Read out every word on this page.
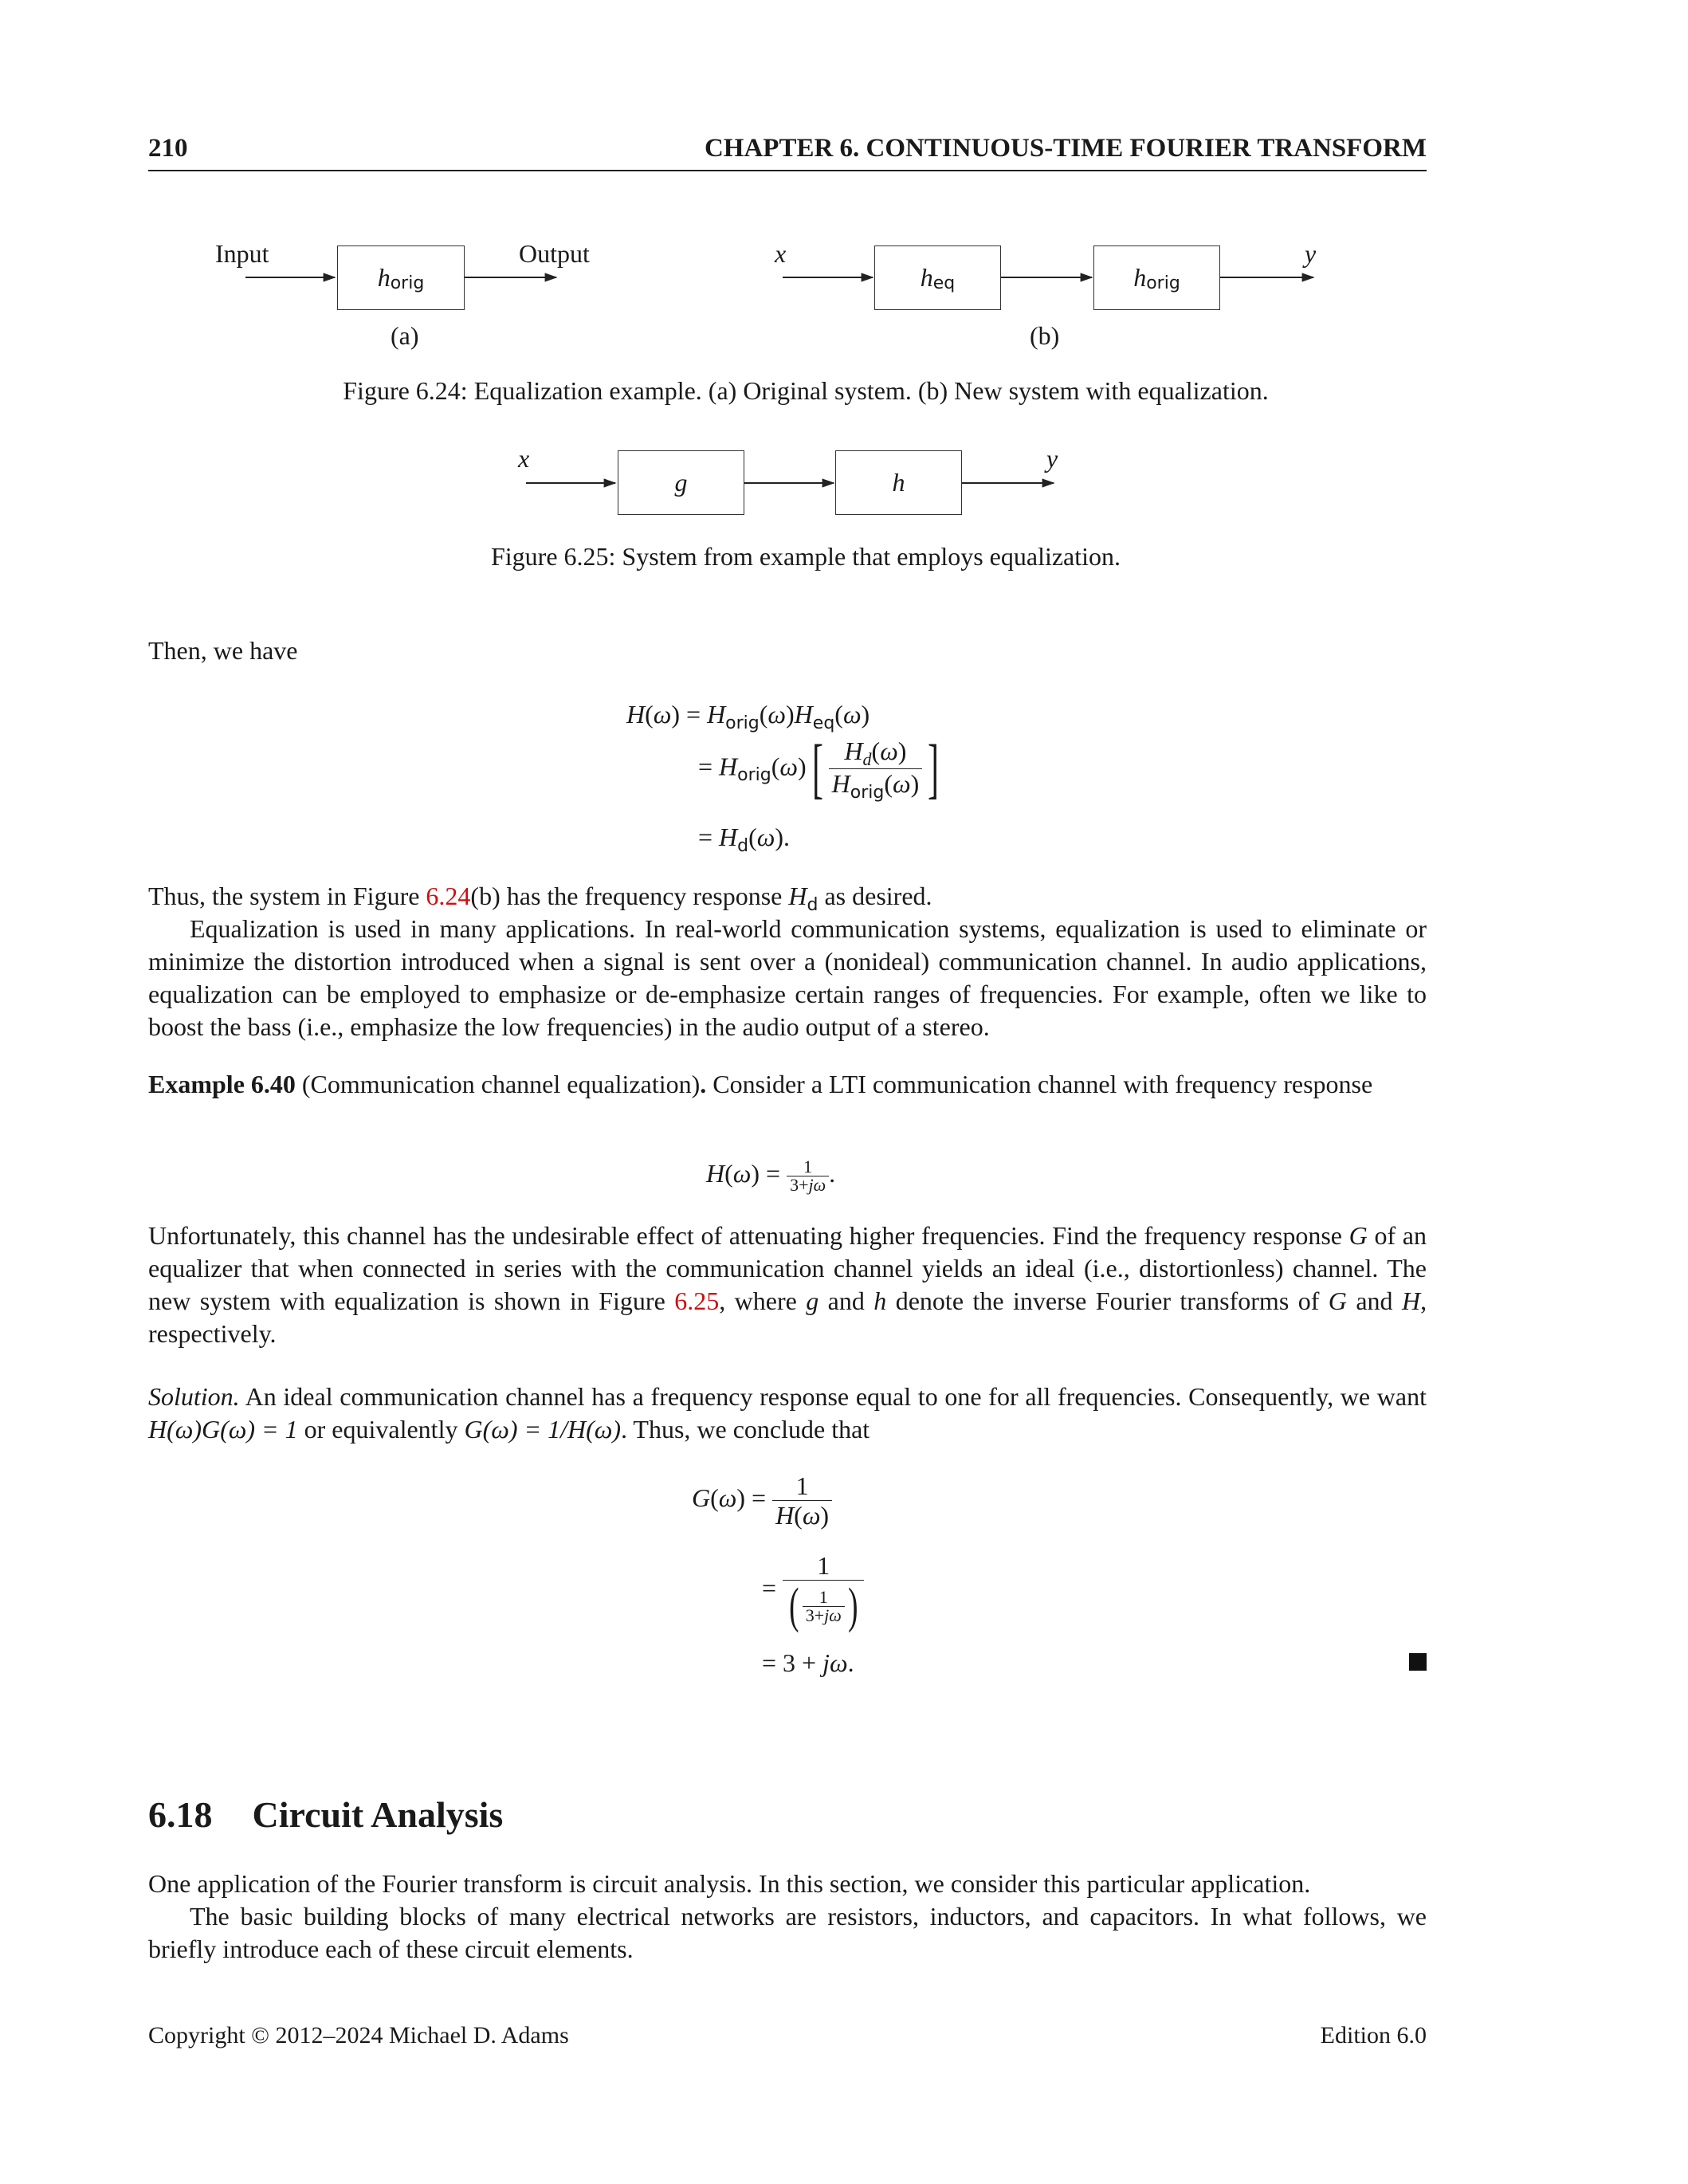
210	CHAPTER 6. CONTINUOUS-TIME FOURIER TRANSFORM
Input	Output
h orig
(a)
x	y
h eq	h orig
(b)
Figure 6.24: Equalization example. (a) Original system. (b) New system with equalization.
x	y
g	h
Figure 6.25: System from example that employs equalization.
Then, we have
$H(\omega) = H_{orig}(\omega)H_{eq}(\omega)$
= $H_{orig}(\omega)[ \frac{H_d(\omega)}{H_{orig}(\omega)}$ ]
= $H_d(\omega)$.
Thus, the system in Figure 6.24(b) has the frequency response $H_d$ as desired.
Equalization is used in many applications. In real-world communication systems, equalization is used to eliminate or minimize the distortion introduced when a signal is sent over a (nonideal) communication channel. In audio applications, equalization can be employed to emphasize or de-emphasize certain ranges of frequencies. For example, often we like to boost the bass (i.e., emphasize the low frequencies) in the audio output of a stereo.
Example 6.40 (Communication channel equalization). Consider a LTI communication channel with frequency response
$H(\omega) = \frac{1}{3+j\omega}$ .
Unfortunately, this channel has the undesirable effect of attenuating higher frequencies. Find the frequency response G of an equalizer that when connected in series with the communication channel yields an ideal (i.e., distortionless) channel. The new system with equalization is shown in Figure 6.25, where g and h denote the inverse Fourier transforms of G and H, respectively.
Solution. An ideal communication channel has a frequency response equal to one for all frequencies. Consequently, we want H(ω)G(ω) = 1 or equivalently G(ω) = 1/H(ω). Thus, we conclude that
$G(\omega) = \frac{1}{H(\omega)}$
= $\frac{1}{( \frac{1}{3+j\omega} )}$
= 3 + jω.
6.18 Circuit Analysis
One application of the Fourier transform is circuit analysis. In this section, we consider this particular application.
The basic building blocks of many electrical networks are resistors, inductors, and capacitors. In what follows, we briefly introduce each of these circuit elements.
Copyright © 2012–2024 Michael D. Adams	Edition 6.0
